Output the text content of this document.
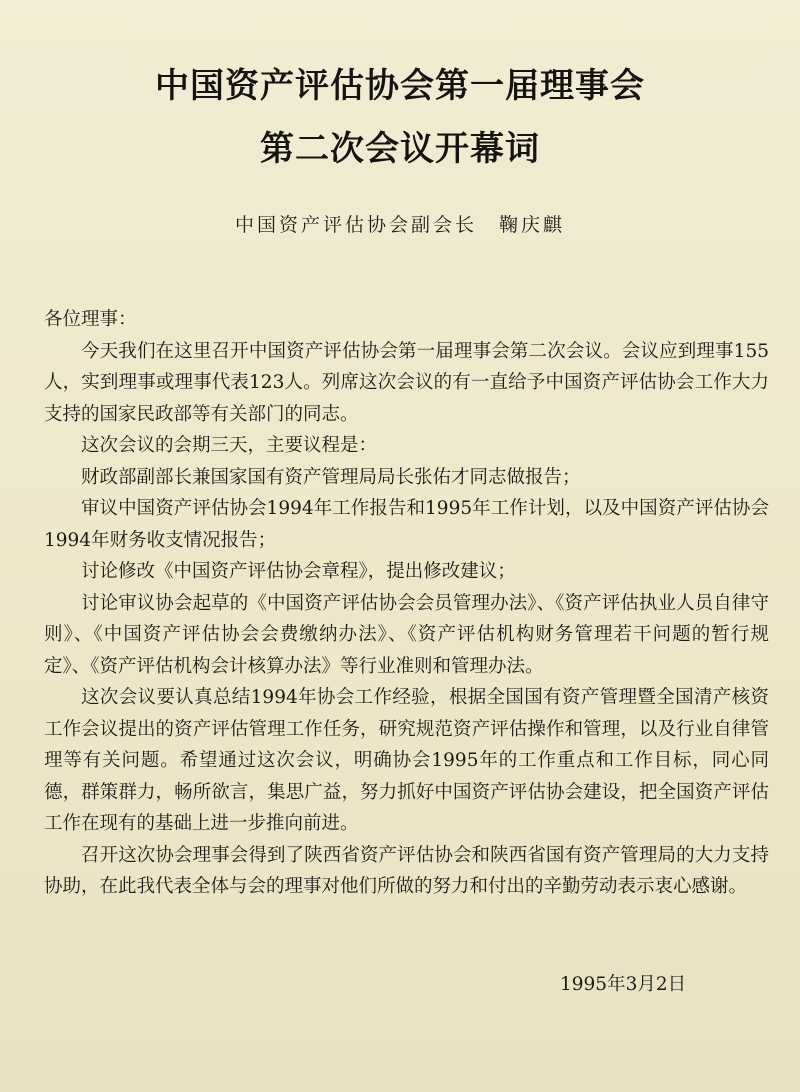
中国资产评估协会第一届理事会
第二次会议开幕词
中国资产评估协会副会长　鞠庆麒

各位理事：

今天我们在这里召开中国资产评估协会第一届理事会第二次会议。会议应到理事155人，实到理事或理事代表123人。列席这次会议的有一直给予中国资产评估协会工作大力支持的国家民政部等有关部门的同志。

这次会议的会期三天，主要议程是：

财政部副部长兼国家国有资产管理局局长张佑才同志做报告；

审议中国资产评估协会1994年工作报告和1995年工作计划，以及中国资产评估协会1994年财务收支情况报告；

讨论修改《中国资产评估协会章程》，提出修改建议；

讨论审议协会起草的《中国资产评估协会会员管理办法》、《资产评估执业人员自律守则》、《中国资产评估协会会费缴纳办法》、《资产评估机构财务管理若干问题的暂行规定》、《资产评估机构会计核算办法》等行业准则和管理办法。

这次会议要认真总结1994年协会工作经验，根据全国国有资产管理暨全国清产核资工作会议提出的资产评估管理工作任务，研究规范资产评估操作和管理，以及行业自律管理等有关问题。希望通过这次会议，明确协会1995年的工作重点和工作目标，同心同德，群策群力，畅所欲言，集思广益，努力抓好中国资产评估协会建设，把全国资产评估工作在现有的基础上进一步推向前进。

召开这次协会理事会得到了陕西省资产评估协会和陕西省国有资产管理局的大力支持协助，在此我代表全体与会的理事对他们所做的努力和付出的辛勤劳动表示衷心感谢。

1995年3月2日
